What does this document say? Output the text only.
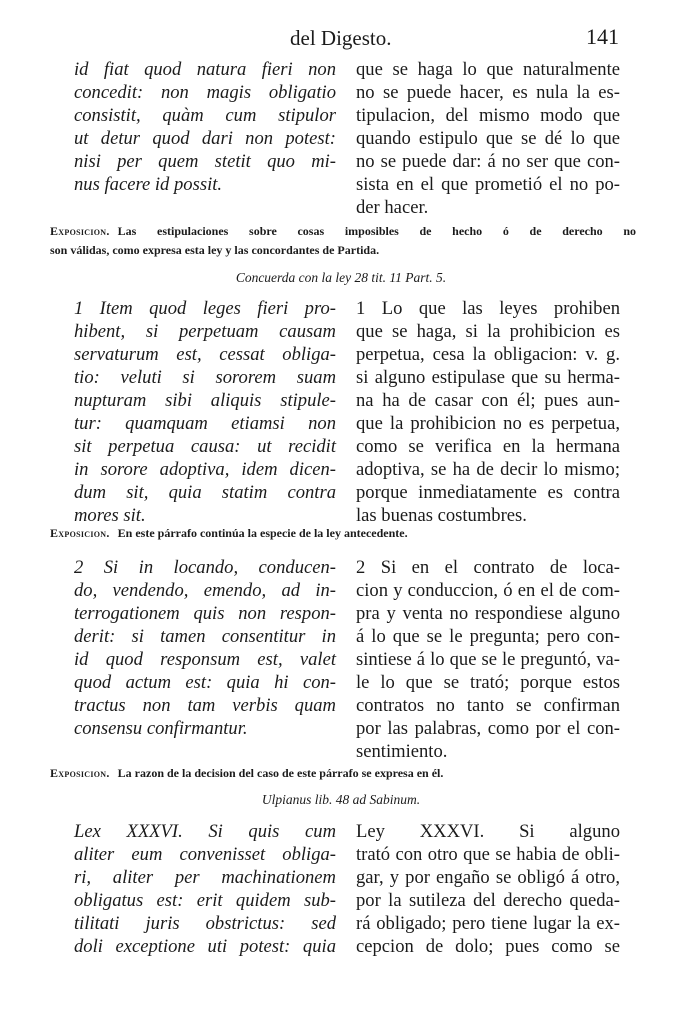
del Digesto.	141
id fiat quod natura fieri non
concedit: non magis obligatio
consistit, quàm cum stipulor
ut detur quod dari non potest:
nisi per quem stetit quo mi-
nus facere id possit.
que se haga lo que naturalmente
no se puede hacer, es nula la es-
tipulacion, del mismo modo que
quando estipulo que se dé lo que
no se puede dar: á no ser que con-
sista en el que prometió el no po-
der hacer.
Exposicion. Las estipulaciones sobre cosas imposibles de hecho ó de derecho no
son válidas, como expresa esta ley y las concordantes de Partida.
Concuerda con la ley 28 tit. 11 Part. 5.
1 Item quod leges fieri pro-
hibent, si perpetuam causam
servaturum est, cessat obliga-
tio: veluti si sororem suam
nupturam sibi aliquis stipule-
tur: quamquam etiamsi non
sit perpetua causa: ut recidit
in sorore adoptiva, idem dicen-
dum sit, quia statim contra
mores sit.
1 Lo que las leyes prohiben
que se haga, si la prohibicion es
perpetua, cesa la obligacion: v. g.
si alguno estipulase que su herma-
na ha de casar con él; pues aun-
que la prohibicion no es perpetua,
como se verifica en la hermana
adoptiva, se ha de decir lo mismo;
porque inmediatamente es contra
las buenas costumbres.
Exposicion. En este párrafo continúa la especie de la ley antecedente.
2 Si in locando, conducen-
do, vendendo, emendo, ad in-
terrogationem quis non respon-
derit: si tamen consentitur in
id quod responsum est, valet
quod actum est: quia hi con-
tractus non tam verbis quam
consensu confirmantur.
2 Si en el contrato de loca-
cion y conduccion, ó en el de com-
pra y venta no respondiese alguno
á lo que se le pregunta; pero con-
sintiese á lo que se le preguntó, va-
le lo que se trató; porque estos
contratos no tanto se confirman
por las palabras, como por el con-
sentimiento.
Exposicion. La razon de la decision del caso de este párrafo se expresa en él.
Ulpianus lib. 48 ad Sabinum.
Lex XXXVI. Si quis cum
aliter eum convenisset obliga-
ri, aliter per machinationem
obligatus est: erit quidem sub-
tilitati juris obstrictus: sed
doli exceptione uti potest: quia
Ley XXXVI. Si alguno
trató con otro que se habia de obli-
gar, y por engaño se obligó á otro,
por la sutileza del derecho queda-
rá obligado; pero tiene lugar la ex-
cepcion de dolo; pues como se
